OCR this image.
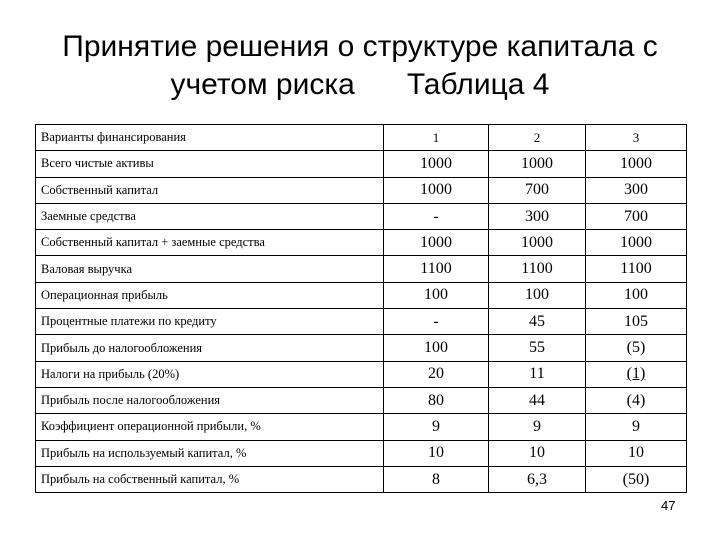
Принятие решения о структуре капитала с
учетом риска Таблица 4
Варианты финансирования	1	2	3
Всего чистые активы	1000	1000	1000
Собственный капитал	1000	700	300
Заемные средства	-	300	700
Собственный капитал + заемные средства	1000	1000	1000
Валовая выручка	1100	1100	1100
Операционная прибыль	100	100	100
Процентные платежи по кредиту	-	45	105
Прибыль до налогообложения	100	55	(5)
Налоги на прибыль (20%)	20	11	(1)
Прибыль после налогообложения	80	44	(4)
Коэффициент операционной прибыли, %	9	9	9
Прибыль на используемый капитал, %	10	10	10
Прибыль на собственный капитал, %	8	6,3	(50)
47
